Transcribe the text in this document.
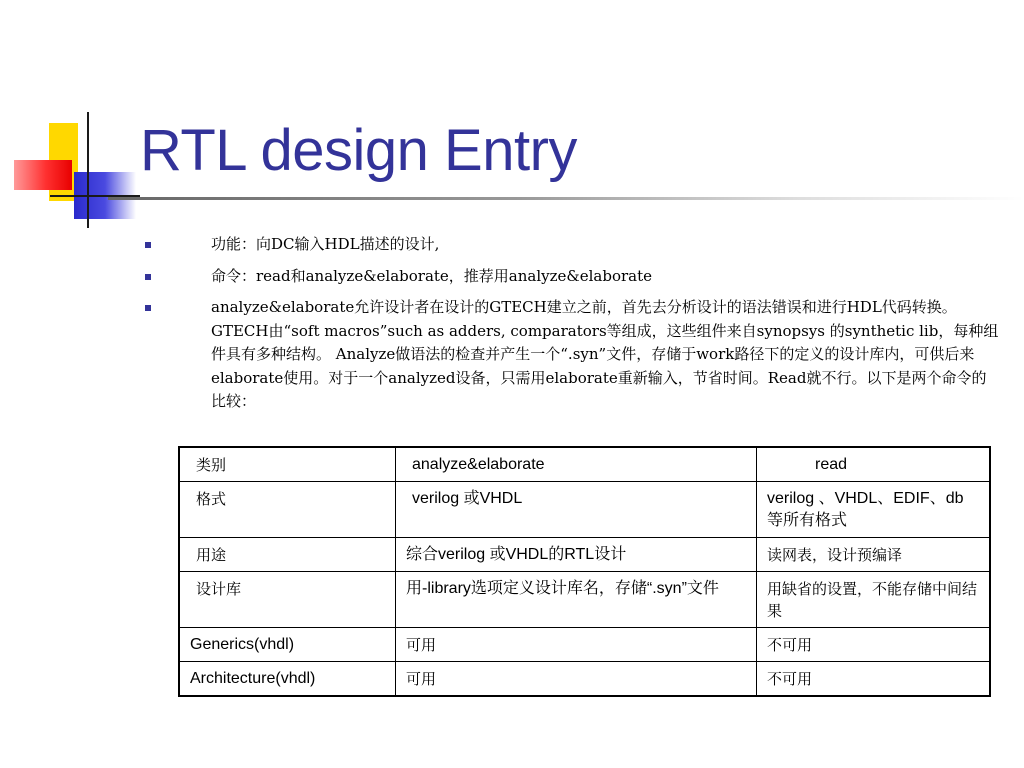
RTL design Entry
功能：向DC输入HDL描述的设计,
命令：read和analyze&elaborate，推荐用analyze&elaborate
analyze&elaborate允许设计者在设计的GTECH建立之前，首先去分析设计的语法错误和进行HDL代码转换。 GTECH由“soft macros”such as adders, comparators等组成，这些组件来自synopsys 的synthetic lib，每种组件具有多种结构。 Analyze做语法的检查并产生一个“.syn”文件，存储于work路径下的定义的设计库内，可供后来elaborate使用。对于一个analyzed设备，只需用elaborate重新输入，节省时间。Read就不行。以下是两个命令的比较：
类别	analyze&elaborate	read
格式	verilog 或VHDL	verilog 、VHDL、EDIF、db等所有格式
用途	综合verilog 或VHDL的RTL设计	读网表，设计预编译
设计库	用-library选项定义设计库名，存储“.syn”文件	用缺省的设置，不能存储中间结果
Generics(vhdl)	可用	不可用
Architecture(vhdl)	可用	不可用
